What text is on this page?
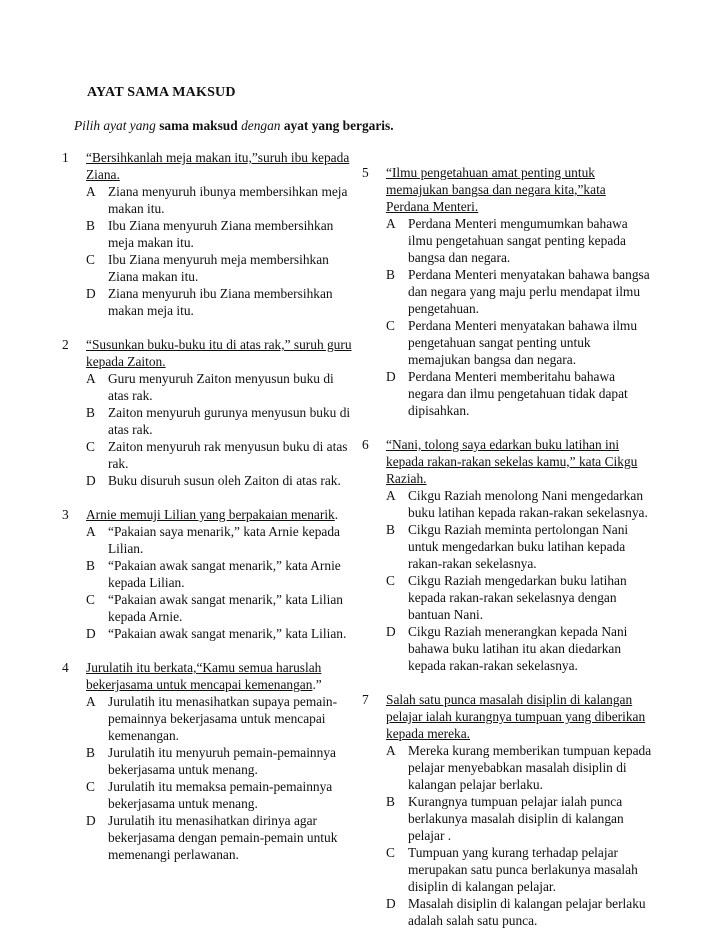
AYAT SAMA MAKSUD
Pilih ayat yang sama maksud dengan ayat yang bergaris.
1	“Bersihkanlah meja makan itu,”suruh ibu kepada Ziana.
A Ziana menyuruh ibunya membersihkan meja makan itu.
B Ibu Ziana menyuruh Ziana membersihkan meja makan itu.
C Ibu Ziana menyuruh meja membersihkan Ziana makan itu.
D Ziana menyuruh ibu Ziana membersihkan makan meja itu.
2	“Susunkan buku-buku itu di atas rak,” suruh guru kepada Zaiton.
A Guru menyuruh Zaiton menyusun buku di atas rak.
B Zaiton menyuruh gurunya menyusun buku di atas rak.
C Zaiton menyuruh rak menyusun buku di atas rak.
D Buku disuruh susun oleh Zaiton di atas rak.
3	Arnie memuji Lilian yang berpakaian menarik.
A “Pakaian saya menarik,” kata Arnie kepada Lilian.
B “Pakaian awak sangat menarik,” kata Arnie kepada Lilian.
C “Pakaian awak sangat menarik,” kata Lilian kepada Arnie.
D “Pakaian awak sangat menarik,” kata Lilian.
4	Jurulatih itu berkata,“Kamu semua haruslah bekerjasama untuk mencapai kemenangan.”
A Jurulatih itu menasihatkan supaya pemain-pemainnya bekerjasama untuk mencapai kemenangan.
B Jurulatih itu menyuruh pemain-pemainnya bekerjasama untuk menang.
C Jurulatih itu memaksa pemain-pemainnya bekerjasama untuk menang.
D Jurulatih itu menasihatkan dirinya agar bekerjasama dengan pemain-pemain untuk memenangi perlawanan.
5	“Ilmu pengetahuan amat penting untuk memajukan bangsa dan negara kita,”kata Perdana Menteri.
A Perdana Menteri mengumumkan bahawa ilmu pengetahuan sangat penting kepada bangsa dan negara.
B Perdana Menteri menyatakan bahawa bangsa dan negara yang maju perlu mendapat ilmu pengetahuan.
C Perdana Menteri menyatakan bahawa ilmu pengetahuan sangat penting untuk memajukan bangsa dan negara.
D Perdana Menteri memberitahu bahawa negara dan ilmu pengetahuan tidak dapat dipisahkan.
6	“Nani, tolong saya edarkan buku latihan ini kepada rakan-rakan sekelas kamu,” kata Cikgu Raziah.
A Cikgu Raziah menolong Nani mengedarkan buku latihan kepada rakan-rakan sekelasnya.
B Cikgu Raziah meminta pertolongan Nani untuk mengedarkan buku latihan kepada rakan-rakan sekelasnya.
C Cikgu Raziah mengedarkan buku latihan kepada rakan-rakan sekelasnya dengan bantuan Nani.
D Cikgu Raziah menerangkan kepada Nani bahawa buku latihan itu akan diedarkan kepada rakan-rakan sekelasnya.
7	Salah satu punca masalah disiplin di kalangan pelajar ialah kurangnya tumpuan yang diberikan kepada mereka.
A Mereka kurang memberikan tumpuan kepada pelajar menyebabkan masalah disiplin di kalangan pelajar berlaku.
B Kurangnya tumpuan pelajar ialah punca berlakunya masalah disiplin di kalangan pelajar .
C Tumpuan yang kurang terhadap pelajar merupakan satu punca berlakunya masalah disiplin di kalangan pelajar.
D Masalah disiplin di kalangan pelajar berlaku adalah salah satu punca.
